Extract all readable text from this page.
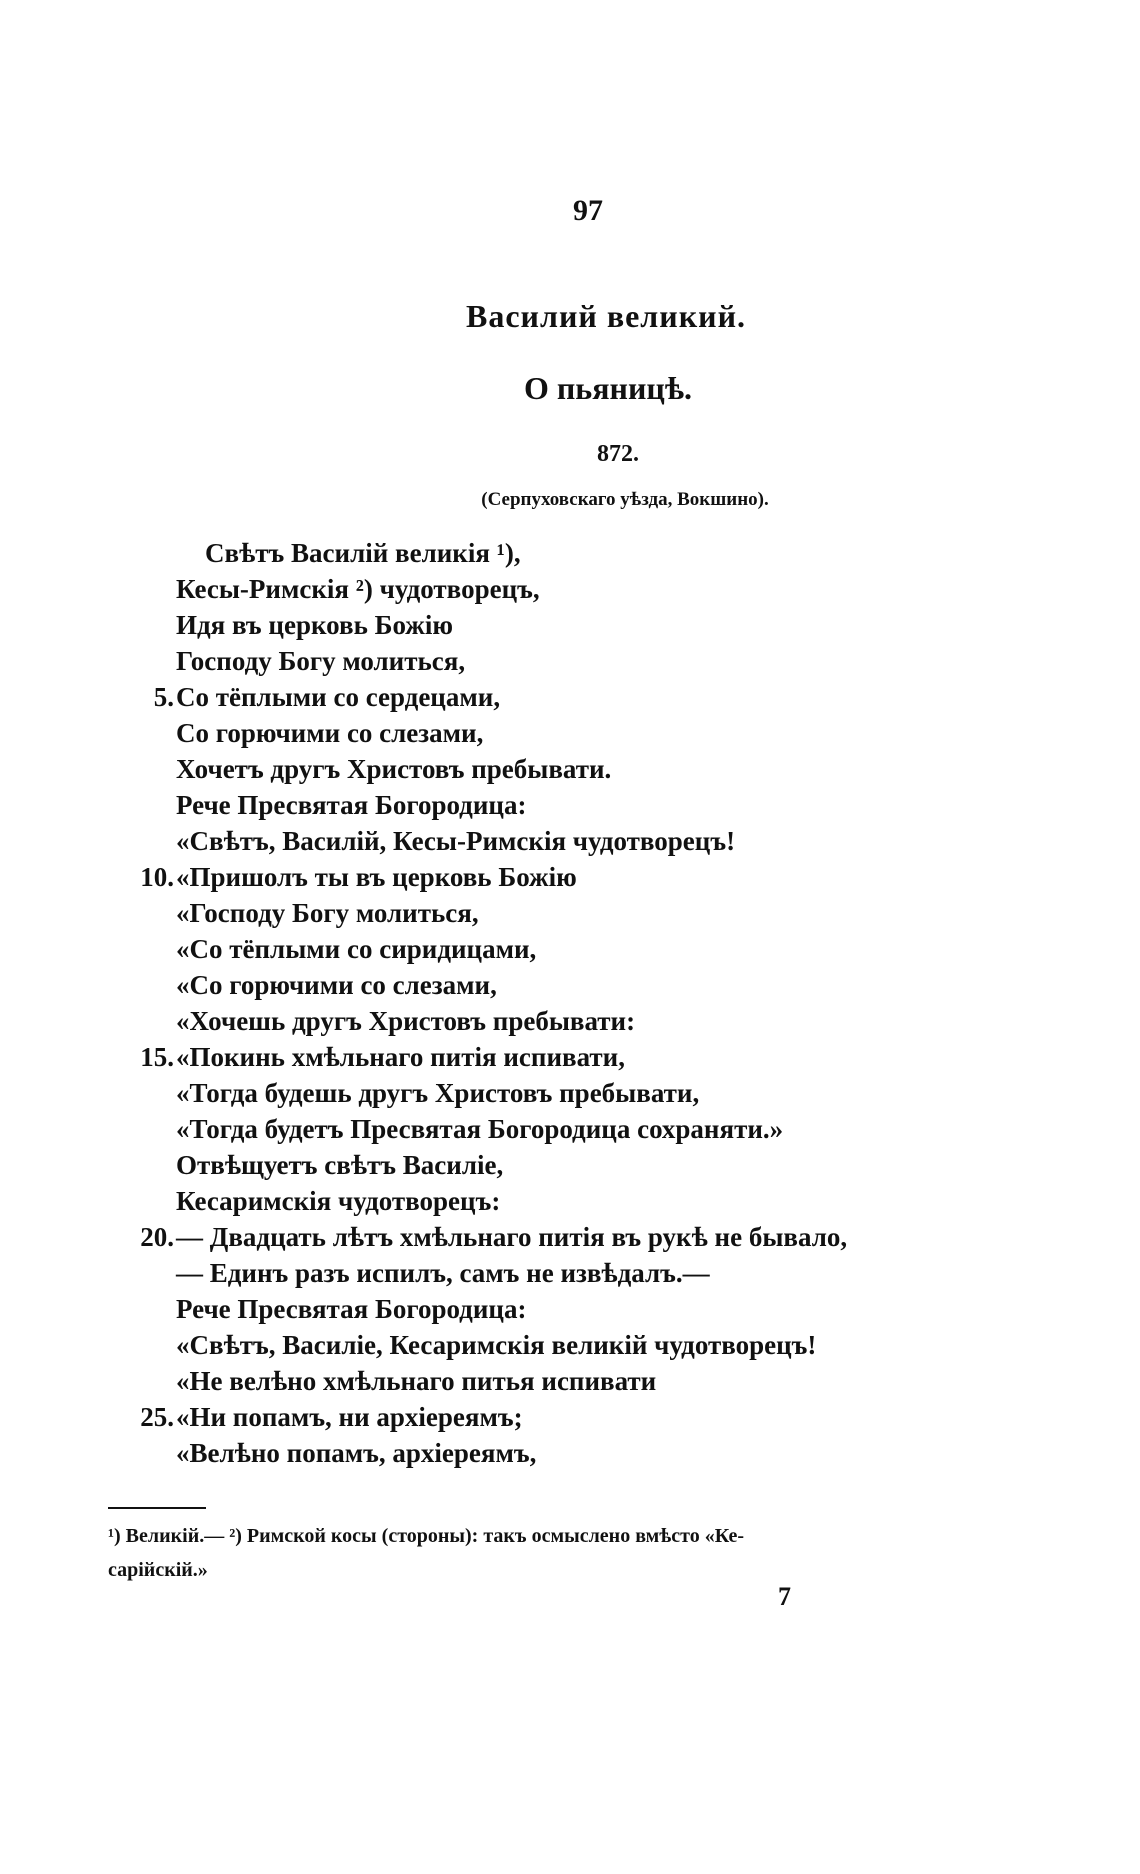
97
Василий великий.
О пьяницѣ.
872.
(Серпуховскаго уѣзда, Вокшино).
Свѣтъ Василій великія ¹),
Кесы-Римскія ²) чудотворецъ,
Идя въ церковь Божію
Господу Богу молиться,
5. Со тёплыми со сердецами,
Со горючими со слезами,
Хочетъ другъ Христовъ пребывати.
Рече Пресвятая Богородица:
«Свѣтъ, Василій, Кесы-Римскія чудотворецъ!
10. «Пришолъ ты въ церковь Божію
«Господу Богу молиться,
«Со тёплыми со сиридицами,
«Со горючими со слезами,
«Хочешь другъ Христовъ пребывати:
15. «Покинь хмѣльнаго питія испивати,
«Тогда будешь другъ Христовъ пребывати,
«Тогда будетъ Пресвятая Богородица сохраняти.»
Отвѣщуетъ свѣтъ Василіе,
Кесаримскія чудотворецъ:
20. — Двадцать лѣтъ хмѣльнаго питія въ рукѣ не бывало,
— Единъ разъ испилъ, самъ не извѣдалъ.—
Рече Пресвятая Богородица:
«Свѣтъ, Василіе, Кесаримскія великій чудотворецъ!
«Не велѣно хмѣльнаго питья испивати
25. «Ни попамъ, ни архіереямъ;
«Велѣно попамъ, архіереямъ,
¹) Великій.— ²) Римской косы (стороны): такъ осмыслено вмѣсто «Ке-
сарійскій.»
7
